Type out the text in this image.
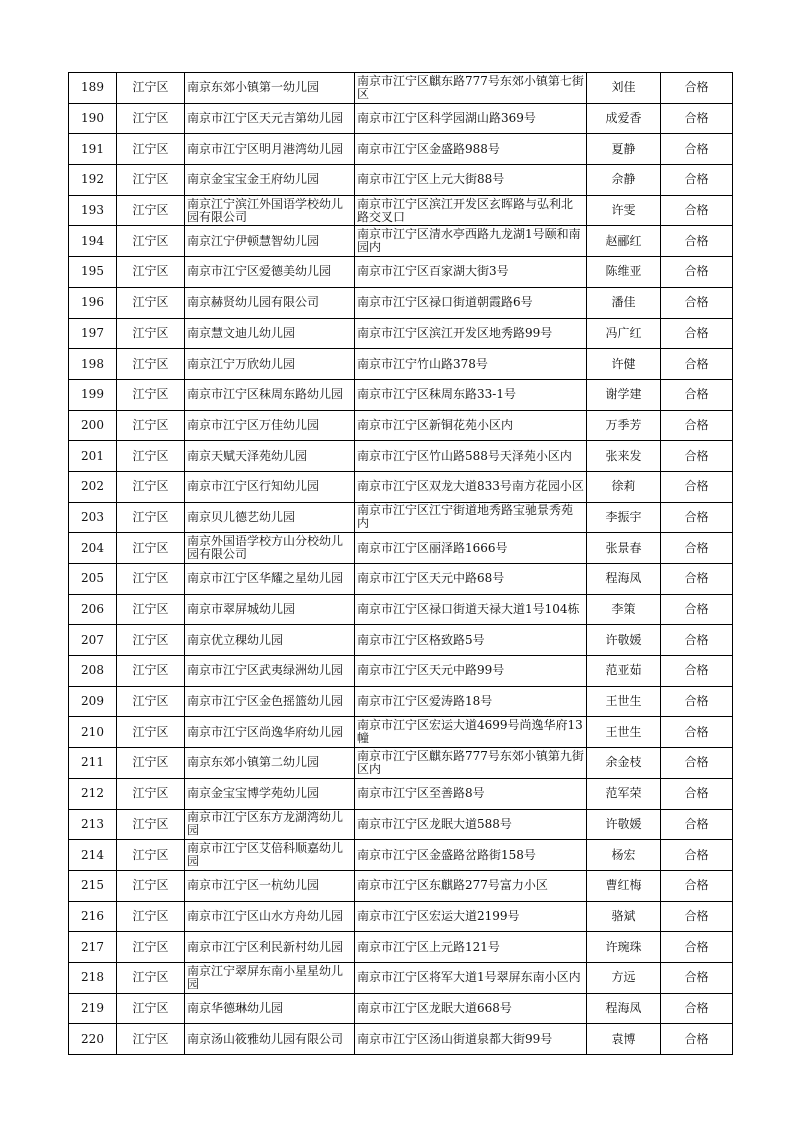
189	江宁区	南京东郊小镇第一幼儿园	南京市江宁区麒东路777号东郊小镇第七街区	刘佳	合格
190	江宁区	南京市江宁区天元吉第幼儿园	南京市江宁区科学园湖山路369号	成爱香	合格
191	江宁区	南京市江宁区明月港湾幼儿园	南京市江宁区金盛路988号	夏静	合格
192	江宁区	南京金宝宝金王府幼儿园	南京市江宁区上元大街88号	佘静	合格
193	江宁区	南京江宁滨江外国语学校幼儿园有限公司	南京市江宁区滨江开发区玄晖路与弘利北路交叉口	许雯	合格
194	江宁区	南京江宁伊顿慧智幼儿园	南京市江宁区清水亭西路九龙湖1号颐和南园内	赵郦红	合格
195	江宁区	南京市江宁区爱德美幼儿园	南京市江宁区百家湖大街3号	陈维亚	合格
196	江宁区	南京赫贤幼儿园有限公司	南京市江宁区禄口街道朝霞路6号	潘佳	合格
197	江宁区	南京慧文迪儿幼儿园	南京市江宁区滨江开发区地秀路99号	冯广红	合格
198	江宁区	南京江宁万欣幼儿园	南京市江宁竹山路378号	许健	合格
199	江宁区	南京市江宁区秣周东路幼儿园	南京市江宁区秣周东路33-1号	谢学建	合格
200	江宁区	南京市江宁区万佳幼儿园	南京市江宁区新铜花苑小区内	万季芳	合格
201	江宁区	南京天赋天泽苑幼儿园	南京市江宁区竹山路588号天泽苑小区内	张来发	合格
202	江宁区	南京市江宁区行知幼儿园	南京市江宁区双龙大道833号南方花园小区	徐莉	合格
203	江宁区	南京贝儿德艺幼儿园	南京市江宁区江宁街道地秀路宝驰景秀苑内	李振宇	合格
204	江宁区	南京外国语学校方山分校幼儿园有限公司	南京市江宁区丽泽路1666号	张景春	合格
205	江宁区	南京市江宁区华耀之星幼儿园	南京市江宁区天元中路68号	程海凤	合格
206	江宁区	南京市翠屏城幼儿园	南京市江宁区禄口街道天禄大道1号104栋	李策	合格
207	江宁区	南京优立稞幼儿园	南京市江宁区格致路5号	许敬媛	合格
208	江宁区	南京市江宁区武夷绿洲幼儿园	南京市江宁区天元中路99号	范亚茹	合格
209	江宁区	南京市江宁区金色摇篮幼儿园	南京市江宁区爱涛路18号	王世生	合格
210	江宁区	南京市江宁区尚逸华府幼儿园	南京市江宁区宏运大道4699号尚逸华府13幢	王世生	合格
211	江宁区	南京东郊小镇第二幼儿园	南京市江宁区麒东路777号东郊小镇第九街区内	余金枝	合格
212	江宁区	南京金宝宝博学苑幼儿园	南京市江宁区至善路8号	范军荣	合格
213	江宁区	南京市江宁区东方龙湖湾幼儿园	南京市江宁区龙眠大道588号	许敬媛	合格
214	江宁区	南京市江宁区艾倍科顺嘉幼儿园	南京市江宁区金盛路岔路街158号	杨宏	合格
215	江宁区	南京市江宁区一杭幼儿园	南京市江宁区东麒路277号富力小区	曹红梅	合格
216	江宁区	南京市江宁区山水方舟幼儿园	南京市江宁区宏运大道2199号	骆斌	合格
217	江宁区	南京市江宁区利民新村幼儿园	南京市江宁区上元路121号	许琬珠	合格
218	江宁区	南京江宁翠屏东南小星星幼儿园	南京市江宁区将军大道1号翠屏东南小区内	方远	合格
219	江宁区	南京华德琳幼儿园	南京市江宁区龙眠大道668号	程海凤	合格
220	江宁区	南京汤山筱雅幼儿园有限公司	南京市江宁区汤山街道泉都大街99号	袁博	合格
